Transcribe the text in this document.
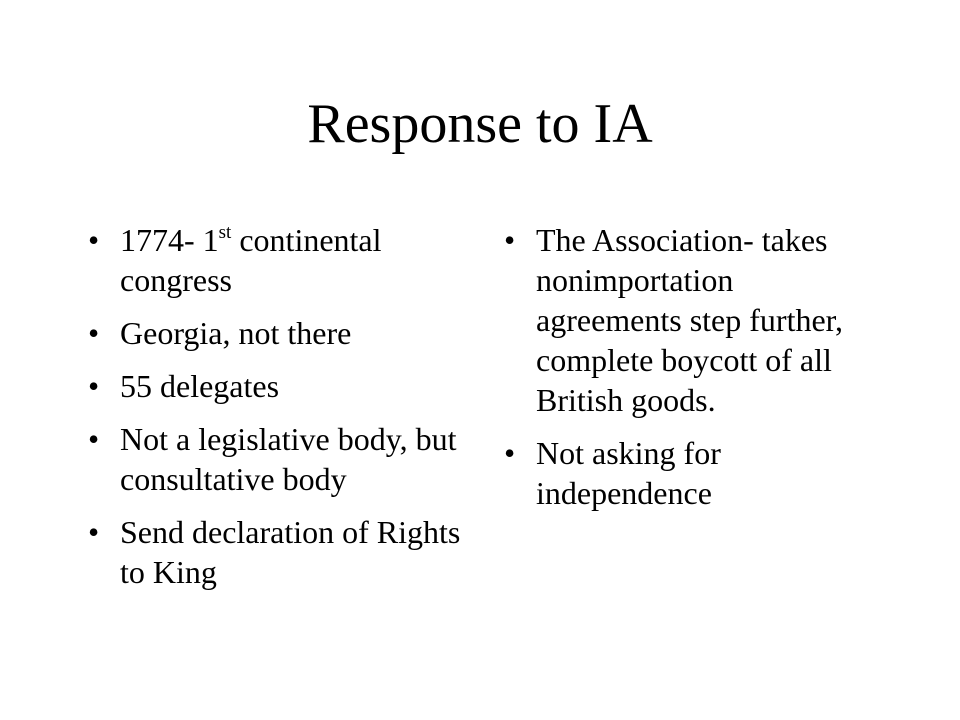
Response to IA
• 1774- 1st continental congress
• Georgia, not there
• 55 delegates
• Not a legislative body, but consultative body
• Send declaration of Rights to King
• The Association- takes nonimportation agreements step further, complete boycott of all British goods.
• Not asking for independence
